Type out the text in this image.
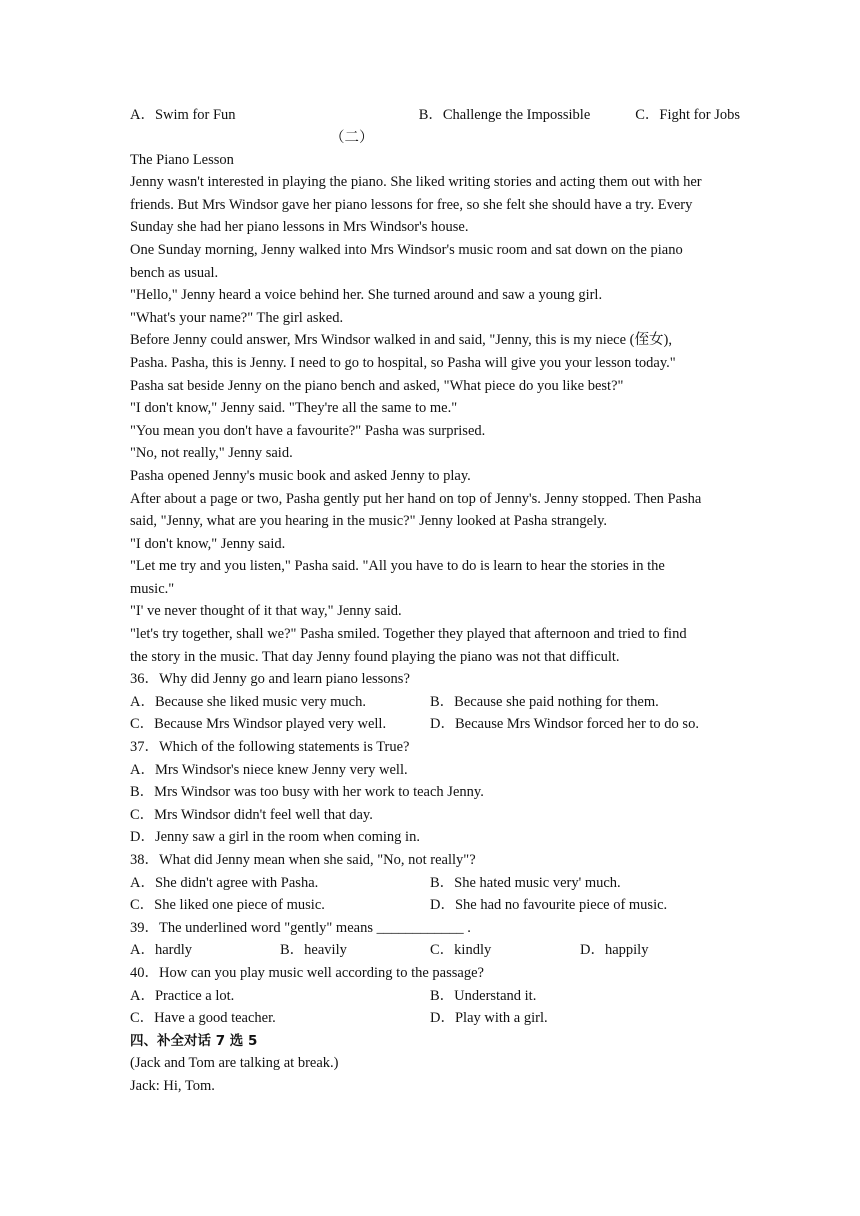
A．Swim for Fun	B．Challenge the Impossible	C．Fight for Jobs
（二）
The Piano Lesson
Jenny wasn't interested in playing the piano. She liked writing stories and acting them out with her
friends. But Mrs Windsor gave her piano lessons for free, so she felt she should have a try. Every
Sunday she had her piano lessons in Mrs Windsor's house.
One Sunday morning, Jenny walked into Mrs Windsor's music room and sat down on the piano
bench as usual.
"Hello," Jenny heard a voice behind her. She turned around and saw a young girl.
"What's your name?" The girl asked.
Before Jenny could answer, Mrs Windsor walked in and said, "Jenny, this is my niece (侄女),
Pasha. Pasha, this is Jenny. I need to go to hospital, so Pasha will give you your lesson today."
Pasha sat beside Jenny on the piano bench and asked, "What piece do you like best?"
"I don't know," Jenny said. "They're all the same to me."
"You mean you don't have a favourite?" Pasha was surprised.
"No, not really," Jenny said.
Pasha opened Jenny's music book and asked Jenny to play.
After about a page or two, Pasha gently put her hand on top of Jenny's. Jenny stopped. Then Pasha
said, "Jenny, what are you hearing in the music?" Jenny looked at Pasha strangely.
"I don't know," Jenny said.
"Let me try and you listen," Pasha said. "All you have to do is learn to hear the stories in the
music."
"I' ve never thought of it that way," Jenny said.
"let's try together, shall we?" Pasha smiled. Together they played that afternoon and tried to find
the story in the music. That day Jenny found playing the piano was not that difficult.
36．Why did Jenny go and learn piano lessons?
A．Because she liked music very much.	B．Because she paid nothing for them.
C．Because Mrs Windsor played very well.	D．Because Mrs Windsor forced her to do so.
37．Which of the following statements is True?
A．Mrs Windsor's niece knew Jenny very well.
B．Mrs Windsor was too busy with her work to teach Jenny.
C．Mrs Windsor didn't feel well that day.
D．Jenny saw a girl in the room when coming in.
38．What did Jenny mean when she said, "No, not really"?
A．She didn't agree with Pasha.	B．She hated music very' much.
C．She liked one piece of music.	D．She had no favourite piece of music.
39．The underlined word "gently" means ____________ .
A．hardly	B．heavily	C．kindly	D．happily
40．How can you play music well according to the passage?
A．Practice a lot.	B．Understand it.
C．Have a good teacher.	D．Play with a girl.
四、补全对话 7 选 5
(Jack and Tom are talking at break.)
Jack: Hi, Tom.
